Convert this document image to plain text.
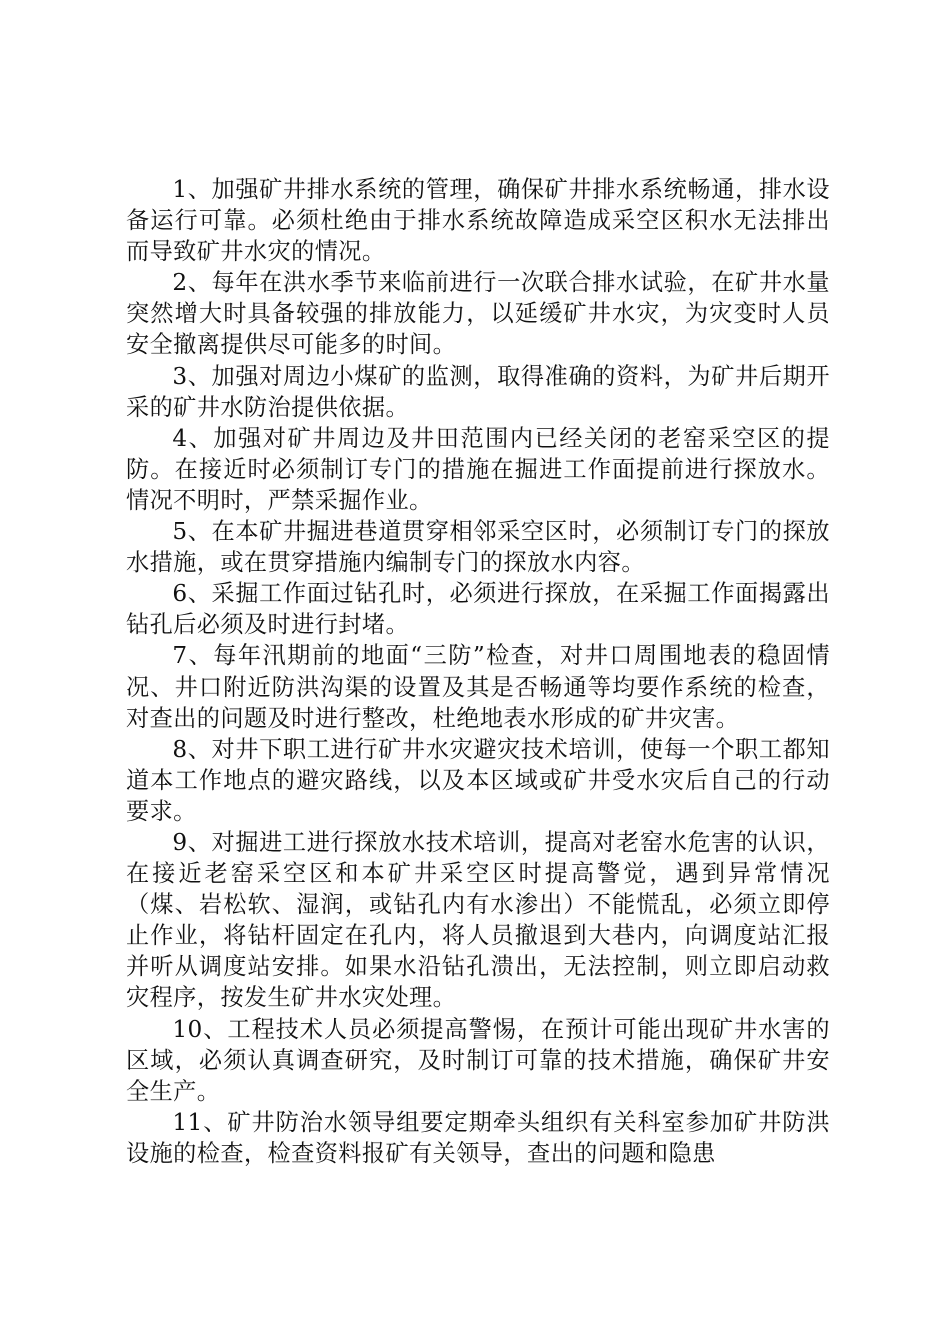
1、加强矿井排水系统的管理，确保矿井排水系统畅通，排水设备运行可靠。必须杜绝由于排水系统故障造成采空区积水无法排出而导致矿井水灾的情况。

2、每年在洪水季节来临前进行一次联合排水试验，在矿井水量突然增大时具备较强的排放能力，以延缓矿井水灾，为灾变时人员安全撤离提供尽可能多的时间。

3、加强对周边小煤矿的监测，取得准确的资料，为矿井后期开采的矿井水防治提供依据。

4、加强对矿井周边及井田范围内已经关闭的老窑采空区的提防。在接近时必须制订专门的措施在掘进工作面提前进行探放水。情况不明时，严禁采掘作业。

5、在本矿井掘进巷道贯穿相邻采空区时，必须制订专门的探放水措施，或在贯穿措施内编制专门的探放水内容。

6、采掘工作面过钻孔时，必须进行探放，在采掘工作面揭露出钻孔后必须及时进行封堵。

7、每年汛期前的地面“三防”检查，对井口周围地表的稳固情况、井口附近防洪沟渠的设置及其是否畅通等均要作系统的检查，对查出的问题及时进行整改，杜绝地表水形成的矿井灾害。

8、对井下职工进行矿井水灾避灾技术培训，使每一个职工都知道本工作地点的避灾路线，以及本区域或矿井受水灾后自己的行动要求。

9、对掘进工进行探放水技术培训，提高对老窑水危害的认识，在接近老窑采空区和本矿井采空区时提高警觉，遇到异常情况（煤、岩松软、湿润，或钻孔内有水渗出）不能慌乱，必须立即停止作业，将钻杆固定在孔内，将人员撤退到大巷内，向调度站汇报并听从调度站安排。如果水沿钻孔溃出，无法控制，则立即启动救灾程序，按发生矿井水灾处理。

10、工程技术人员必须提高警惕，在预计可能出现矿井水害的区域，必须认真调查研究，及时制订可靠的技术措施，确保矿井安全生产。

11、矿井防治水领导组要定期牵头组织有关科室参加矿井防洪设施的检查，检查资料报矿有关领导，查出的问题和隐患
